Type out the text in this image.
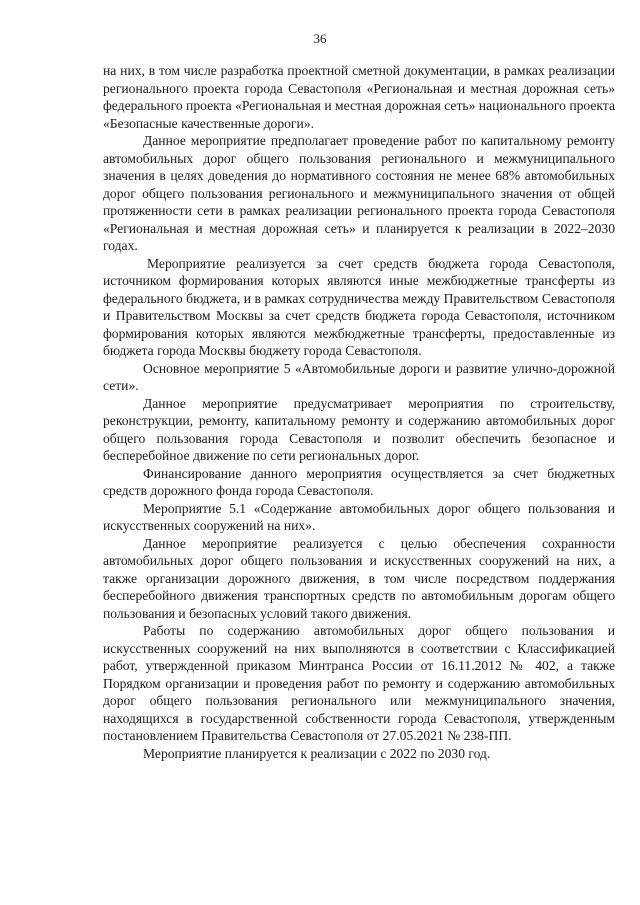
36

на них, в том числе разработка проектной сметной документации, в рамках реализации регионального проекта города Севастополя «Региональная и местная дорожная сеть» федерального проекта «Региональная и местная дорожная сеть» национального проекта «Безопасные качественные дороги».

Данное мероприятие предполагает проведение работ по капитальному ремонту автомобильных дорог общего пользования регионального и межмуниципального значения в целях доведения до нормативного состояния не менее 68% автомобильных дорог общего пользования регионального и межмуниципального значения от общей протяженности сети в рамках реализации регионального проекта города Севастополя «Региональная и местная дорожная сеть» и планируется к реализации в 2022–2030 годах.

Мероприятие реализуется за счет средств бюджета города Севастополя, источником формирования которых являются иные межбюджетные трансферты из федерального бюджета, и в рамках сотрудничества между Правительством Севастополя и Правительством Москвы за счет средств бюджета города Севастополя, источником формирования которых являются межбюджетные трансферты, предоставленные из бюджета города Москвы бюджету города Севастополя.

Основное мероприятие 5 «Автомобильные дороги и развитие улично-дорожной сети».

Данное мероприятие предусматривает мероприятия по строительству, реконструкции, ремонту, капитальному ремонту и содержанию автомобильных дорог общего пользования города Севастополя и позволит обеспечить безопасное и бесперебойное движение по сети региональных дорог.

Финансирование данного мероприятия осуществляется за счет бюджетных средств дорожного фонда города Севастополя.

Мероприятие 5.1 «Содержание автомобильных дорог общего пользования и искусственных сооружений на них».

Данное мероприятие реализуется с целью обеспечения сохранности автомобильных дорог общего пользования и искусственных сооружений на них, а также организации дорожного движения, в том числе посредством поддержания бесперебойного движения транспортных средств по автомобильным дорогам общего пользования и безопасных условий такого движения.

Работы по содержанию автомобильных дорог общего пользования и искусственных сооружений на них выполняются в соответствии с Классификацией работ, утвержденной приказом Минтранса России от 16.11.2012 № 402, а также Порядком организации и проведения работ по ремонту и содержанию автомобильных дорог общего пользования регионального или межмуниципального значения, находящихся в государственной собственности города Севастополя, утвержденным постановлением Правительства Севастополя от 27.05.2021 № 238-ПП.

Мероприятие планируется к реализации с 2022 по 2030 год.
